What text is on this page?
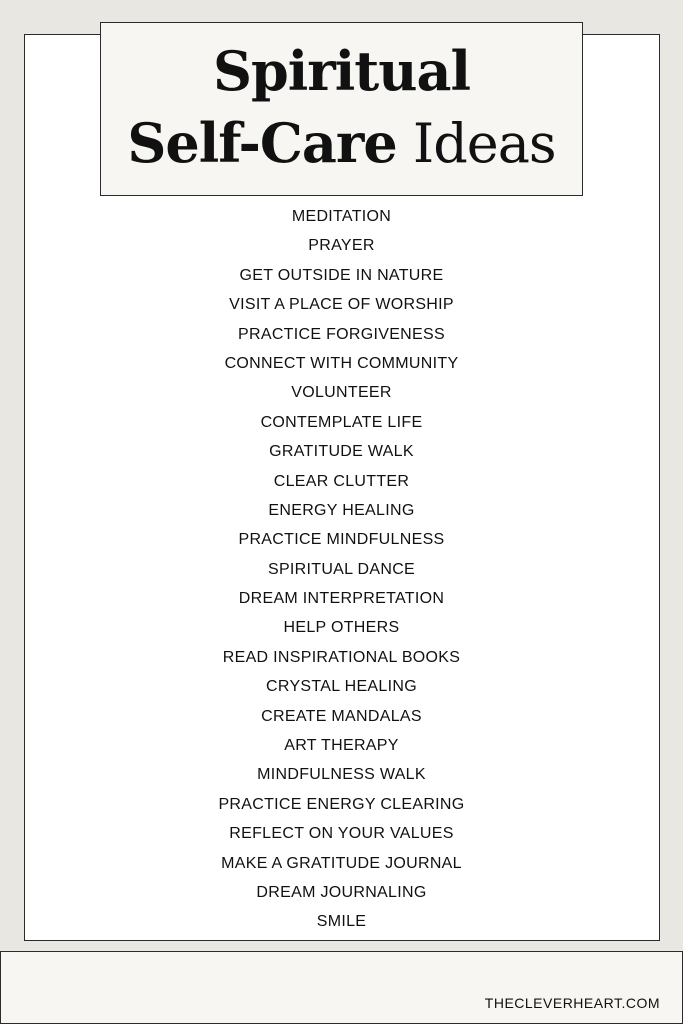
Spiritual
Self-Care Ideas
MEDITATION
PRAYER
GET OUTSIDE IN NATURE
VISIT A PLACE OF WORSHIP
PRACTICE FORGIVENESS
CONNECT WITH COMMUNITY
VOLUNTEER
CONTEMPLATE LIFE
GRATITUDE WALK
CLEAR CLUTTER
ENERGY HEALING
PRACTICE MINDFULNESS
SPIRITUAL DANCE
DREAM INTERPRETATION
HELP OTHERS
READ INSPIRATIONAL BOOKS
CRYSTAL HEALING
CREATE MANDALAS
ART THERAPY
MINDFULNESS WALK
PRACTICE ENERGY CLEARING
REFLECT ON YOUR VALUES
MAKE A GRATITUDE JOURNAL
DREAM JOURNALING
SMILE
THECLEVERHEART.COM
